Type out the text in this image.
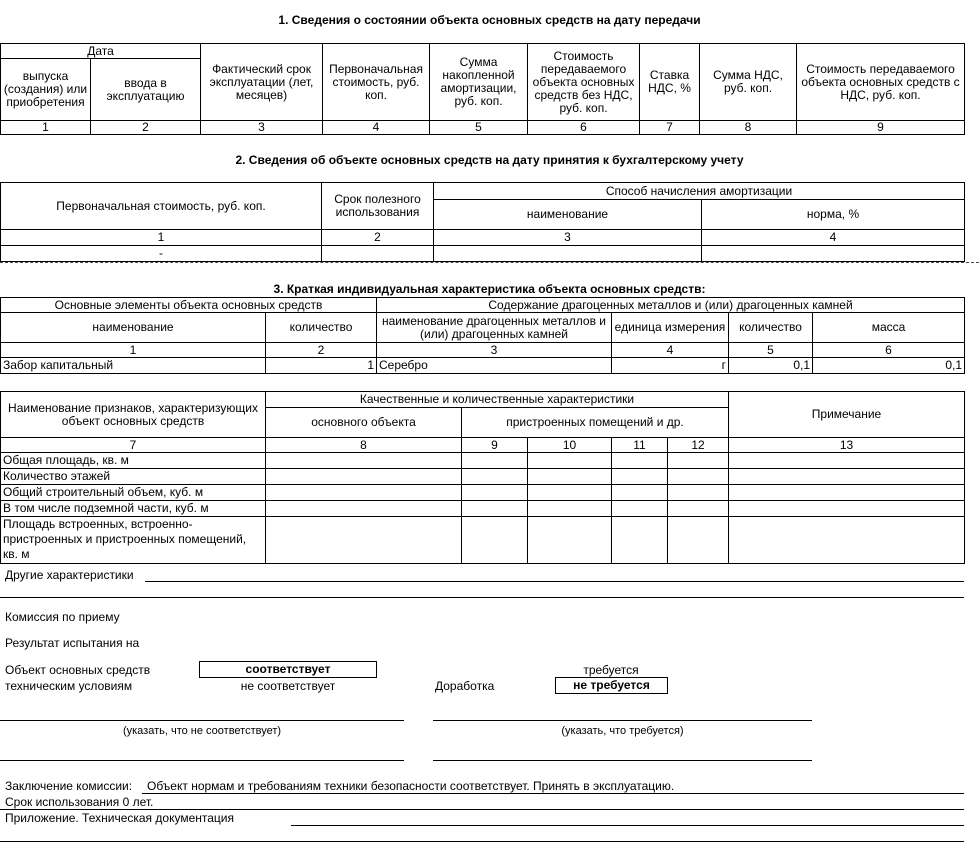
1. Сведения о состоянии объекта основных средств на дату передачи
Дата		Фактический срок эксплуатации (лет, месяцев)	Первоначальная стоимость, руб. коп.	Сумма накопленной амортизации, руб. коп.	Стоимость передаваемого объекта основных средств без НДС, руб. коп.	Ставка НДС, %	Сумма НДС, руб. коп.	Стоимость передаваемого объекта основных средств с НДС, руб. коп.
выпуска (создания) или приобретения	ввода в эксплуатацию							
1	2	3	4	5	6	7	8	9
2. Сведения об объекте основных средств на дату принятия к бухгалтерскому учету
Первоначальная стоимость, руб. коп.	Срок полезного использования	Способ начисления амортизации	
		наименование	норма, %
1	2	3	4
-			
3. Краткая индивидуальная характеристика объекта основных средств:
Основные элементы объекта основных средств		Содержание драгоценных металлов и (или) драгоценных камней			
наименование	количество	наименование драгоценных металлов и (или) драгоценных камней	единица измерения	количество	масса
1	2	3	4	5	6
Забор капитальный	1	Серебро	г	0,1	0,1
Наименование признаков, характеризующих объект основных средств	Качественные и количественные характеристики					Примечание
	основного объекта	пристроенных помещений и др.				
7	8	9	10	11	12	13
Общая площадь, кв. м						
Количество этажей						
Общий строительный объем, куб. м						
В том числе подземной части, куб. м						
Площадь встроенных, встроенно-пристроенных и пристроенных помещений, кв. м						
Другие характеристики
Комиссия по приему
Результат испытания на
Объект основных средств
техническим условиям
соответствует
не соответствует	Доработка
требуется
не требуется
(указать, что не соответствует)	(указать, что требуется)
Заключение комиссии: Объект нормам и требованиям техники безопасности соответствует. Принять в эксплуатацию.
Срок использования 0 лет.
Приложение. Техническая документация
